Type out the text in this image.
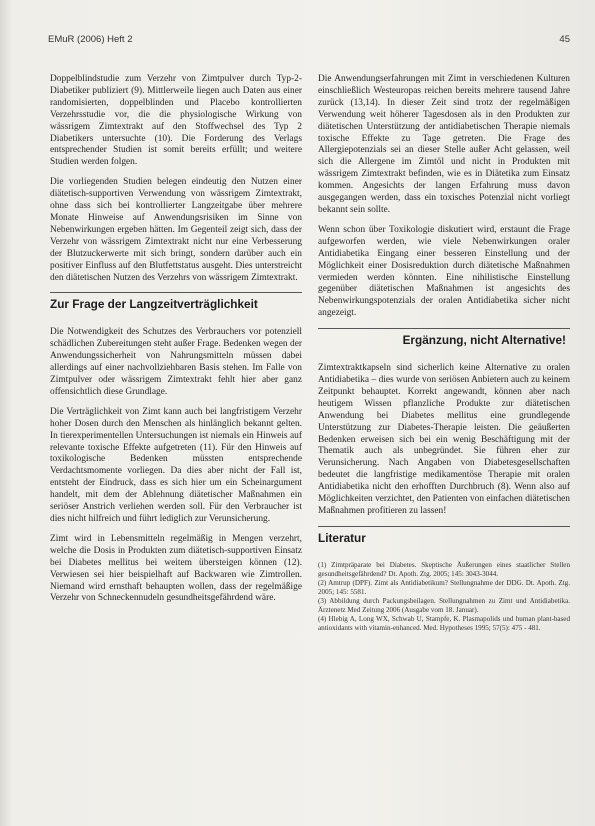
EMuR (2006) Heft 2	45

Doppelblindstudie zum Verzehr von Zimtpulver durch Typ-2-Diabetiker publiziert (9). Mittlerweile liegen auch Daten aus einer randomisierten, doppelblinden und Placebo kontrollierten Verzehrsstudie vor, die die physiologische Wirkung von wässrigem Zimtextrakt auf den Stoffwechsel des Typ 2 Diabetikers untersuchte (10). Die Forderung des Verlags entsprechender Studien ist somit bereits erfüllt; und weitere Studien werden folgen.

Die vorliegenden Studien belegen eindeutig den Nutzen einer diätetisch-supportiven Verwendung von wässrigem Zimtextrakt, ohne dass sich bei kontrollierter Langzeitgabe über mehrere Monate Hinweise auf Anwendungsrisiken im Sinne von Nebenwirkungen ergeben hätten. Im Gegenteil zeigt sich, dass der Verzehr von wässrigem Zimtextrakt nicht nur eine Verbesserung der Blutzuckerwerte mit sich bringt, sondern darüber auch ein positiver Einfluss auf den Blutfettstatus ausgeht. Dies unterstreicht den diätetischen Nutzen des Verzehrs von wässrigem Zimtextrakt.

Zur Frage der Langzeitverträglichkeit

Die Notwendigkeit des Schutzes des Verbrauchers vor potenziell schädlichen Zubereitungen steht außer Frage. Bedenken wegen der Anwendungssicherheit von Nahrungsmitteln müssen dabei allerdings auf einer nachvollziehbaren Basis stehen. Im Falle von Zimtpulver oder wässrigem Zimtextrakt fehlt hier aber ganz offensichtlich diese Grundlage.

Die Verträglichkeit von Zimt kann auch bei langfristigem Verzehr hoher Dosen durch den Menschen als hinlänglich bekannt gelten. In tierexperimentellen Untersuchungen ist niemals ein Hinweis auf relevante toxische Effekte aufgetreten (11). Für den Hinweis auf toxikologische Bedenken müssten entsprechende Verdachtsmomente vorliegen. Da dies aber nicht der Fall ist, entsteht der Eindruck, dass es sich hier um ein Scheinargument handelt, mit dem der Ablehnung diätetischer Maßnahmen ein seriöser Anstrich verliehen werden soll. Für den Verbraucher ist dies nicht hilfreich und führt lediglich zur Verunsicherung.

Zimt wird in Lebensmitteln regelmäßig in Mengen verzehrt, welche die Dosis in Produkten zum diätetisch-supportiven Einsatz bei Diabetes mellitus bei weitem übersteigen können (12). Verwiesen sei hier beispielhaft auf Backwaren wie Zimtrollen. Niemand wird ernsthaft behaupten wollen, dass der regelmäßige Verzehr von Schneckennudeln gesundheitsgefährdend wäre.

Die Anwendungserfahrungen mit Zimt in verschiedenen Kulturen einschließlich Westeuropas reichen bereits mehrere tausend Jahre zurück (13,14). In dieser Zeit sind trotz der regelmäßigen Verwendung weit höherer Tagesdosen als in den Produkten zur diätetischen Unterstützung der antidiabetischen Therapie niemals toxische Effekte zu Tage getreten. Die Frage des Allergiepotenzials sei an dieser Stelle außer Acht gelassen, weil sich die Allergene im Zimtöl und nicht in Produkten mit wässrigem Zimtextrakt befinden, wie es in Diätetika zum Einsatz kommen. Angesichts der langen Erfahrung muss davon ausgegangen werden, dass ein toxisches Potenzial nicht vorliegt bekannt sein sollte.

Wenn schon über Toxikologie diskutiert wird, erstaunt die Frage aufgeworfen werden, wie viele Nebenwirkungen oraler Antidiabetika Eingang einer besseren Einstellung und der Möglichkeit einer Dosisreduktion durch diätetische Maßnahmen vermieden werden könnten. Eine nihilistische Einstellung gegenüber diätetischen Maßnahmen ist angesichts des Nebenwirkungspotenzials der oralen Antidiabetika sicher nicht angezeigt.

Ergänzung, nicht Alternative!

Zimtextraktkapseln sind sicherlich keine Alternative zu oralen Antidiabetika – dies wurde von seriösen Anbietern auch zu keinem Zeitpunkt behauptet. Korrekt angewandt, können aber nach heutigem Wissen pflanzliche Produkte zur diätetischen Anwendung bei Diabetes mellitus eine grundlegende Unterstützung zur Diabetes-Therapie leisten. Die geäußerten Bedenken erweisen sich bei ein wenig Beschäftigung mit der Thematik auch als unbegründet. Sie führen eher zur Verunsicherung. Nach Angaben von Diabetesgesellschaften bedeutet die langfristige medikamentöse Therapie mit oralen Antidiabetika nicht den erhofften Durchbruch (8). Wenn also auf Möglichkeiten verzichtet, den Patienten von einfachen diätetischen Maßnahmen profitieren zu lassen!

Literatur
(1) Zimtpräparate bei Diabetes. Skeptische Äußerungen eines staatlicher Stellen gesundheitsgefährdend? Dt. Apoth. Ztg. 2005; 145: 3043-3044.
(2) Amtrup (DPF). Zimt als Antidiabetikum? Stellungnahme der DDG. Dt. Apoth. Ztg. 2005; 145: 5581.
(3) Abbildung durch Packungsbeilagen. Stellungnahmen zu Zimt und Antidiabetika. Ärztenetz Med Zeitung 2006 (Ausgabe vom 18. Januar).
(4) Hlebig A, Long WX, Schwab U, Stampfe, K. Plasmapolids und human plant-based antioxidants with vitamin-enhanced. Med. Hypotheses 1995; 57(5): 475 - 481.
